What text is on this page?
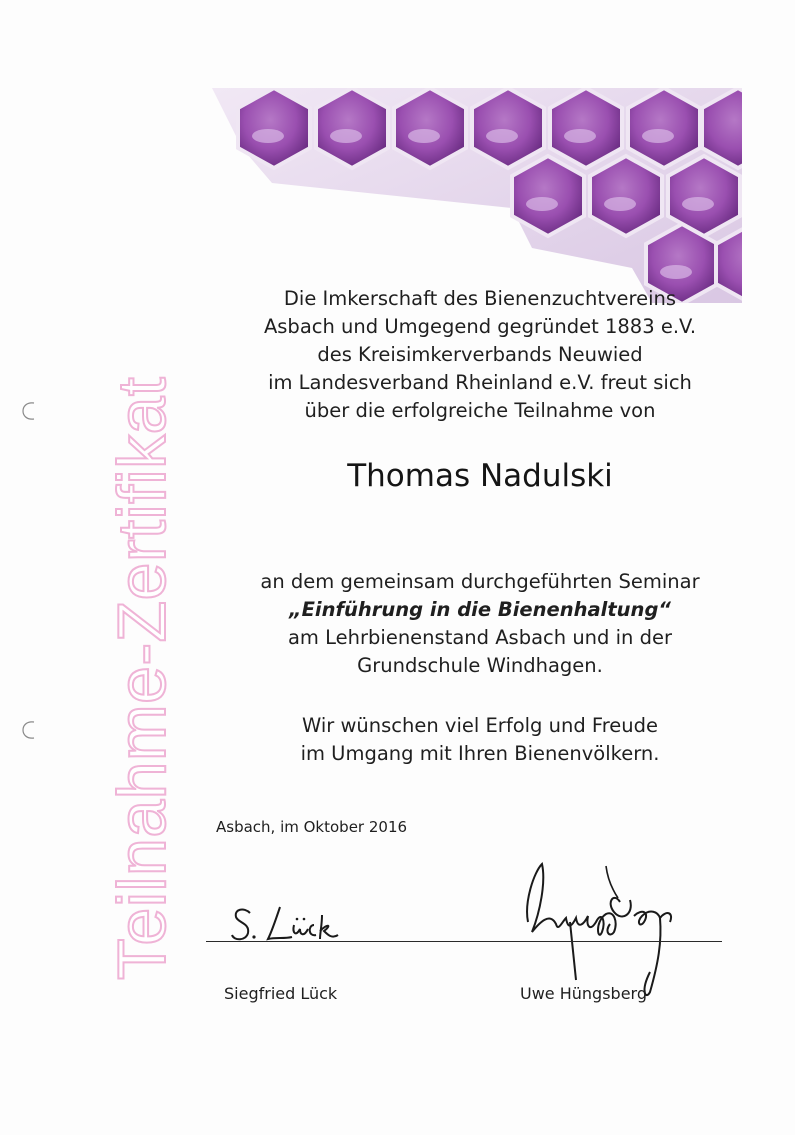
Teilnahme-Zertifikat
Die Imkerschaft des Bienenzuchtvereins
Asbach und Umgegend gegründet 1883 e.V.
des Kreisimkerverbands Neuwied
im Landesverband Rheinland e.V. freut sich
über die erfolgreiche Teilnahme von
Thomas Nadulski
an dem gemeinsam durchgeführten Seminar
„Einführung in die Bienenhaltung“
am Lehrbienenstand Asbach und in der
Grundschule Windhagen.
Wir wünschen viel Erfolg und Freude
im Umgang mit Ihren Bienenvölkern.
Asbach, im Oktober 2016
Siegfried Lück	Uwe Hüngsberg
